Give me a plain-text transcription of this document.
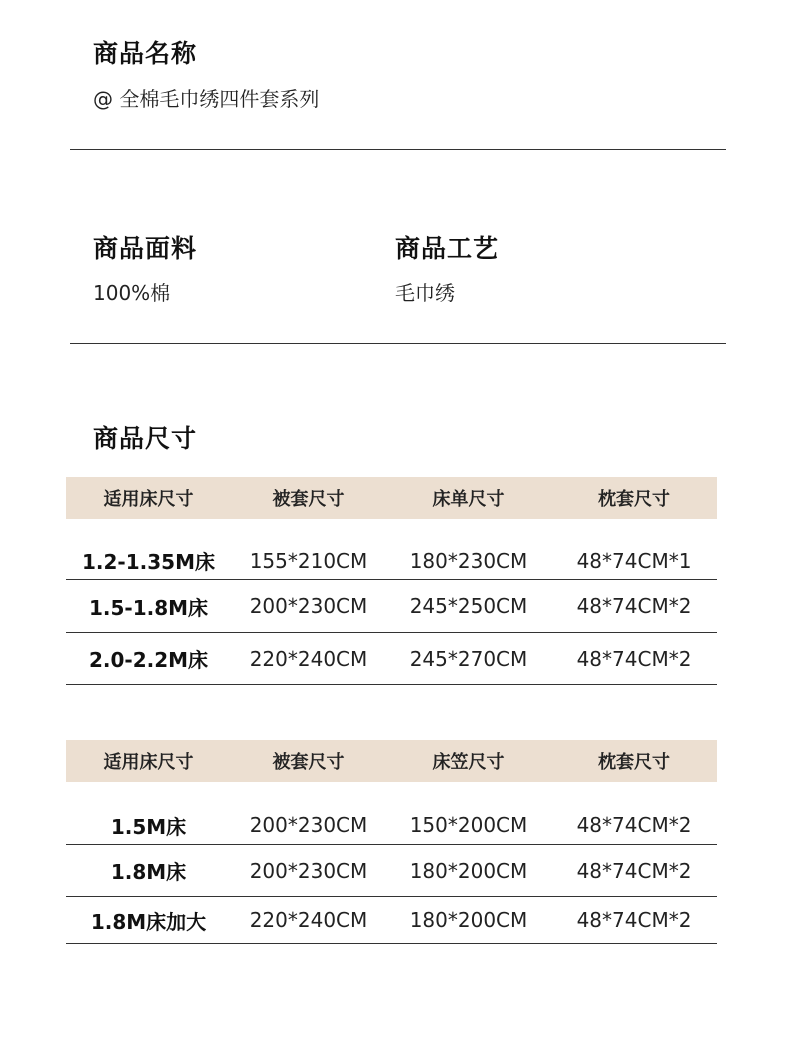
商品名称
@ 全棉毛巾绣四件套系列
商品面料
100%棉
商品工艺
毛巾绣
商品尺寸
适用床尺寸	被套尺寸	床单尺寸	枕套尺寸
1.2-1.35M床	155*210CM	180*230CM	48*74CM*1
1.5-1.8M床	200*230CM	245*250CM	48*74CM*2
2.0-2.2M床	220*240CM	245*270CM	48*74CM*2
适用床尺寸	被套尺寸	床笠尺寸	枕套尺寸
1.5M床	200*230CM	150*200CM	48*74CM*2
1.8M床	200*230CM	180*200CM	48*74CM*2
1.8M床加大	220*240CM	180*200CM	48*74CM*2
